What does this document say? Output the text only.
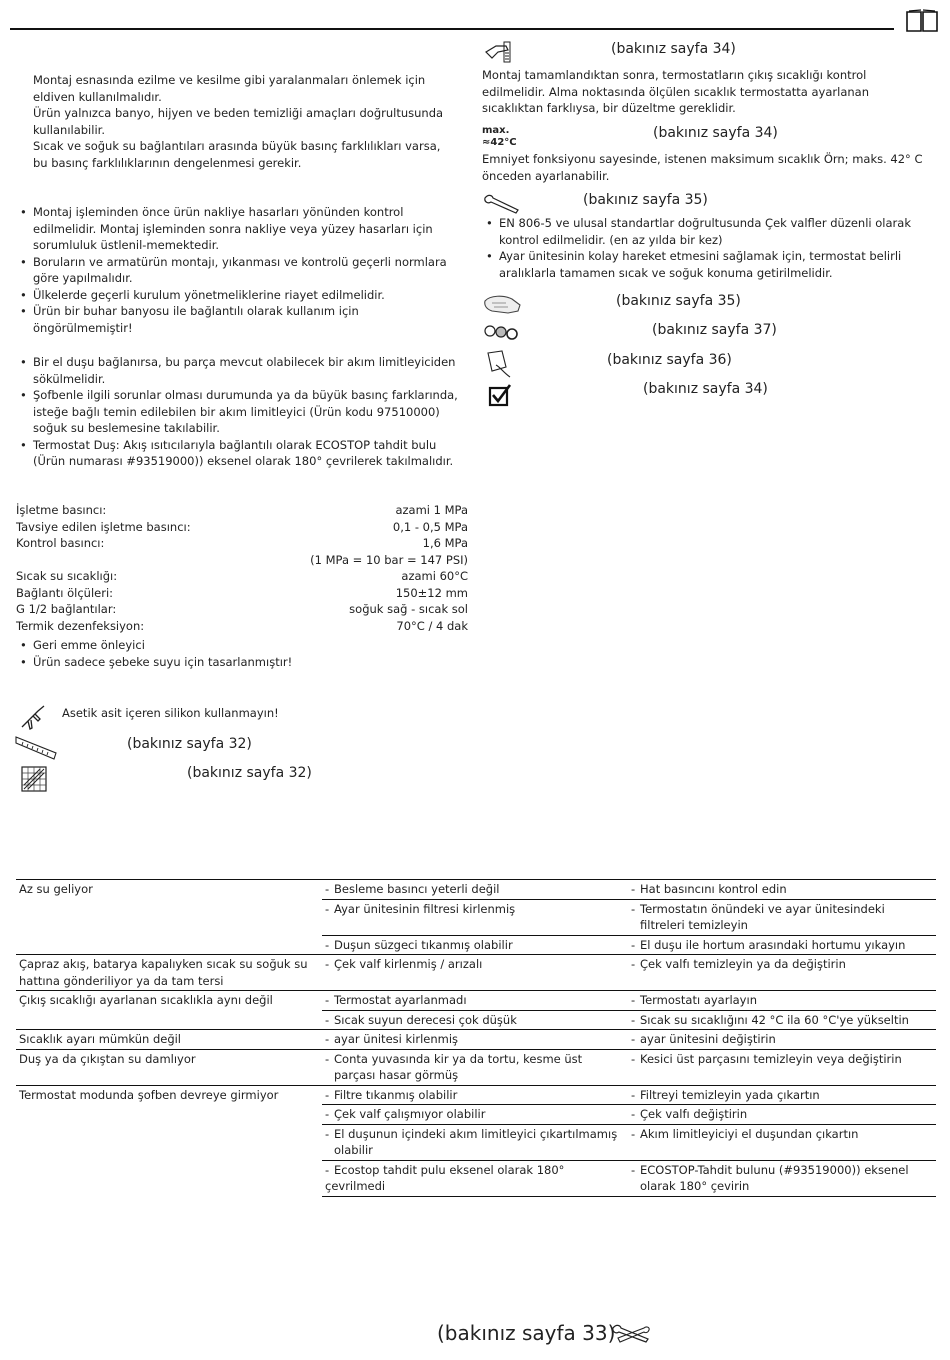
Montaj esnasında ezilme ve kesilme gibi yaralanmaları önlemek için eldiven kullanılmalıdır.

Ürün yalnızca banyo, hijyen ve beden temizliği amaçları doğrultusunda kullanılabilir.

Sıcak ve soğuk su bağlantıları arasında büyük basınç farklılıkları varsa, bu basınç farklılıklarının dengelenmesi gerekir.

• Montaj işleminden önce ürün nakliye hasarları yönünden kontrol edilmelidir. Montaj işleminden sonra nakliye veya yüzey hasarları için sorumluluk üstlenil-memektedir.
• Boruların ve armatürün montajı, yıkanması ve kontrolü geçerli normlara göre yapılmalıdır.
• Ülkelerde geçerli kurulum yönetmeliklerine riayet edilmelidir.
• Ürün bir buhar banyosu ile bağlantılı olarak kullanım için öngörülmemiştir!
• Bir el duşu bağlanırsa, bu parça mevcut olabilecek bir akım limitleyiciden sökülmelidir.
• Şofbenle ilgili sorunlar olması durumunda ya da büyük basınç farklarında, isteğe bağlı temin edilebilen bir akım limitleyici (Ürün kodu 97510000) soğuk su beslemesine takılabilir.
• Termostat Duş: Akış ısıtıcılarıyla bağlantılı olarak ECOSTOP tahdit bulu (Ürün numarası #93519000)) eksenel olarak 180° çevrilerek takılmalıdır.
İşletme basıncı:	azami 1 MPa
Tavsiye edilen işletme basıncı:	0,1 - 0,5 MPa
Kontrol basıncı:	1,6 MPa
(1 MPa = 10 bar = 147 PSI)
Sıcak su sıcaklığı:	azami 60°C
Bağlantı ölçüleri:	150±12 mm
G 1/2 bağlantılar:	soğuk sağ - sıcak sol
Termik dezenfeksiyon:	70°C / 4 dak
• Geri emme önleyici
• Ürün sadece şebeke suyu için tasarlanmıştır!
Asetik asit içeren silikon kullanmayın!
(bakınız sayfa 32)
(bakınız sayfa 32)
(bakınız sayfa 34)
Montaj tamamlandıktan sonra, termostatların çıkış sıcaklığı kontrol edilmelidir. Alma noktasında ölçülen sıcaklık termostatta ayarlanan sıcaklıktan farklıysa, bir düzeltme gereklidir.
max.
≈42°C
(bakınız sayfa 34)
Emniyet fonksiyonu sayesinde, istenen maksimum sıcaklık Örn; maks. 42° C önceden ayarlanabilir.
(bakınız sayfa 35)
• EN 806-5 ve ulusal standartlar doğrultusunda Çek valfler düzenli olarak kontrol edilmelidir. (en az yılda bir kez)
• Ayar ünitesinin kolay hareket etmesini sağlamak için, termostat belirli aralıklarla tamamen sıcak ve soğuk konuma getirilmelidir.
(bakınız sayfa 35)
(bakınız sayfa 37)
(bakınız sayfa 36)
(bakınız sayfa 34)
Az su geliyor	- Besleme basıncı yeterli değil	- Hat basıncını kontrol edin
	- Ayar ünitesinin filtresi kirlenmiş	- Termostatın önündeki ve ayar ünitesindeki filtreleri temizleyin

	- Duşun süzgeci tıkanmış olabilir	- El duşu ile hortum arasındaki hortumu yıkayın
Çapraz akış, batarya kapalıyken sıcak su soğuk su hattına gönderiliyor ya da tam tersi	- Çek valf kirlenmiş / arızalı	- Çek valfı temizleyin ya da değiştirin
Çıkış sıcaklığı ayarlanan sıcaklıkla aynı değil	- Termostat ayarlanmadı	- Termostatı ayarlayın
	- Sıcak suyun derecesi çok düşük	- Sıcak su sıcaklığını 42 °C ila 60 °C'ye yükseltin
Sıcaklık ayarı mümkün değil	- ayar ünitesi kirlenmiş	- ayar ünitesini değiştirin
Duş ya da çıkıştan su damlıyor	- Conta yuvasında kir ya da tortu, kesme üst parçası hasar görmüş	- Kesici üst parçasını temizleyin veya değiştirin
Termostat modunda şofben devreye girmiyor	- Filtre tıkanmış olabilir	- Filtreyi temizleyin yada çıkartın
	- Çek valf çalışmıyor olabilir	- Çek valfı değiştirin

	- El duşunun içindeki akım limitleyici çıkartılmamış olabilir	- Akım limitleyiciyi el duşundan çıkartın
	- Ecostop tahdit pulu eksenel olarak 180° çevrilmedi	- ECOSTOP-Tahdit bulunu (#93519000)) eksenel olarak 180° çevirin
(bakınız sayfa 33)
